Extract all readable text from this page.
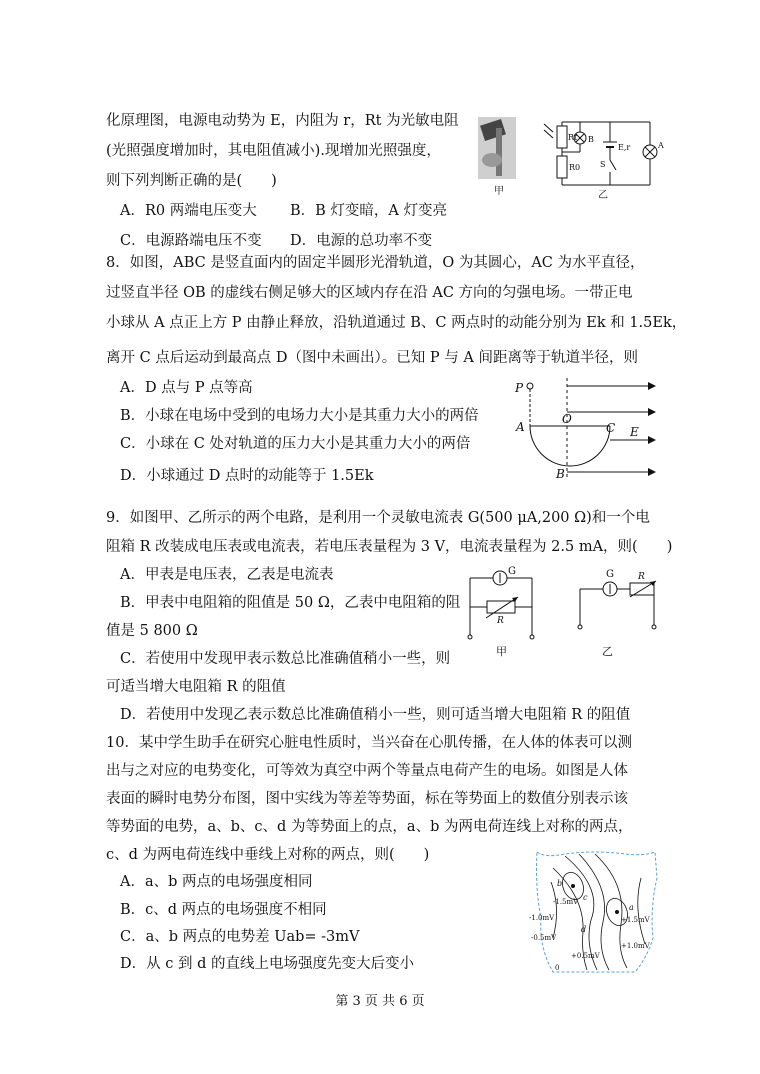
化原理图，电源电动势为 E，内阻为 r，Rt 为光敏电阻
(光照强度增加时，其电阻值减小).现增加光照强度，
则下列判断正确的是(　　)
A．R0 两端电压变大 B．B 灯变暗，A 灯变亮
C．电源路端电压不变 D．电源的总功率不变
甲
Rt
R0
B
A
S
E,r
乙
8．如图，ABC 是竖直面内的固定半圆形光滑轨道，O 为其圆心，AC 为水平直径，
过竖直半径 OB 的虚线右侧足够大的区域内存在沿 AC 方向的匀强电场。一带正电
小球从 A 点正上方 P 由静止释放，沿轨道通过 B、C 两点时的动能分别为 Ek 和 1.5Ek，
离开 C 点后运动到最高点 D（图中未画出）。已知 P 与 A 间距离等于轨道半径，则
A．D 点与 P 点等高
B．小球在电场中受到的电场力大小是其重力大小的两倍
C．小球在 C 处对轨道的压力大小是其重力大小的两倍
D．小球通过 D 点时的动能等于 1.5Ek
P
O
A	C E
B
9．如图甲、乙所示的两个电路，是利用一个灵敏电流表 G(500 μA,200 Ω)和一个电
阻箱 R 改装成电压表或电流表，若电压表量程为 3 V，电流表量程为 2.5 mA，则(　　)
A．甲表是电压表，乙表是电流表
B．甲表中电阻箱的阻值是 50 Ω，乙表中电阻箱的阻
值是 5 800 Ω
C．若使用中发现甲表示数总比准确值稍小一些，则
可适当增大电阻箱 R 的阻值
D．若使用中发现乙表示数总比准确值稍小一些，则可适当增大电阻箱 R 的阻值
G
R
甲
G	R
乙
10．某中学生助手在研究心脏电性质时，当兴奋在心肌传播，在人体的体表可以测
出与之对应的电势变化，可等效为真空中两个等量点电荷产生的电场。如图是人体
表面的瞬时电势分布图，图中实线为等差等势面，标在等势面上的数值分别表示该
等势面的电势，a、b、c、d 为等势面上的点，a、b 为两电荷连线上对称的两点，
c、d 为两电荷连线中垂线上对称的两点，则(　　)
A．a、b 两点的电场强度相同
B．c、d 两点的电场强度不相同
C．a、b 两点的电势差 Uab= -3mV
D．从 c 到 d 的直线上电场强度先变大后变小
-1.5mV
-1.0mV
-0.5mV
+1.5mV
+1.0mV
+0.5mV
a
b
c
d
0
第 3 页 共 6 页
